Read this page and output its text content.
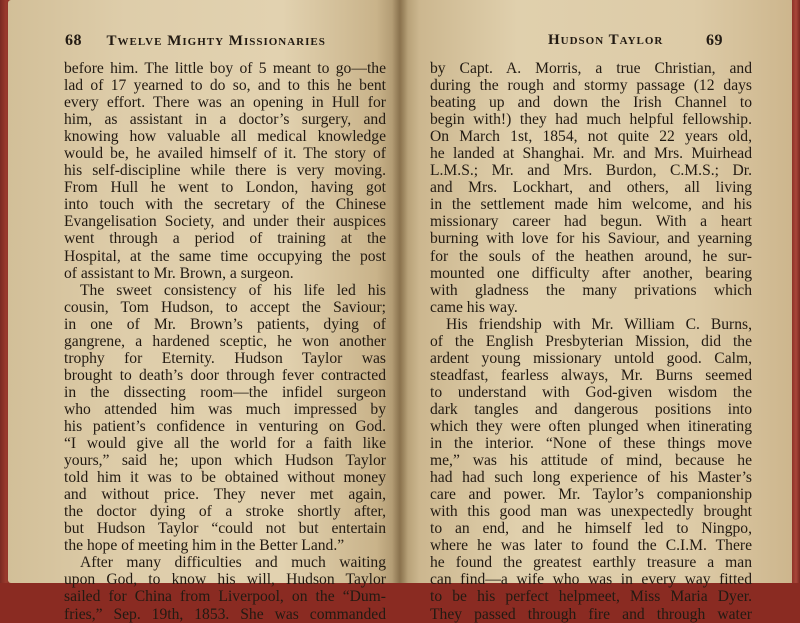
68 Twelve Mighty Missionaries
before him. The little boy of 5 meant to go—the
lad of 17 yearned to do so, and to this he bent
every effort. There was an opening in Hull for
him, as assistant in a doctor’s surgery, and
knowing how valuable all medical knowledge
would be, he availed himself of it. The story of
his self-discipline while there is very moving.
From Hull he went to London, having got
into touch with the secretary of the Chinese
Evangelisation Society, and under their auspices
went through a period of training at the
Hospital, at the same time occupying the post
of assistant to Mr. Brown, a surgeon.
The sweet consistency of his life led his
cousin, Tom Hudson, to accept the Saviour;
in one of Mr. Brown’s patients, dying of
gangrene, a hardened sceptic, he won another
trophy for Eternity. Hudson Taylor was
brought to death’s door through fever contracted
in the dissecting room—the infidel surgeon
who attended him was much impressed by
his patient’s confidence in venturing on God.
“I would give all the world for a faith like
yours,” said he; upon which Hudson Taylor
told him it was to be obtained without money
and without price. They never met again,
the doctor dying of a stroke shortly after,
but Hudson Taylor “could not but entertain
the hope of meeting him in the Better Land.”
After many difficulties and much waiting
upon God, to know his will, Hudson Taylor
sailed for China from Liverpool, on the “Dum-
fries,” Sep. 19th, 1853. She was commanded
Hudson Taylor	69
by Capt. A. Morris, a true Christian, and
during the rough and stormy passage (12 days
beating up and down the Irish Channel to
begin with!) they had much helpful fellowship.
On March 1st, 1854, not quite 22 years old,
he landed at Shanghai. Mr. and Mrs. Muirhead
L.M.S.; Mr. and Mrs. Burdon, C.M.S.; Dr.
and Mrs. Lockhart, and others, all living
in the settlement made him welcome, and his
missionary career had begun. With a heart
burning with love for his Saviour, and yearning
for the souls of the heathen around, he sur-
mounted one difficulty after another, bearing
with gladness the many privations which
came his way.
His friendship with Mr. William C. Burns,
of the English Presbyterian Mission, did the
ardent young missionary untold good. Calm,
steadfast, fearless always, Mr. Burns seemed
to understand with God-given wisdom the
dark tangles and dangerous positions into
which they were often plunged when itinerating
in the interior. “None of these things move
me,” was his attitude of mind, because he
had had such long experience of his Master’s
care and power. Mr. Taylor’s companionship
with this good man was unexpectedly brought
to an end, and he himself led to Ningpo,
where he was later to found the C.I.M. There
he found the greatest earthly treasure a man
can find—a wife who was in every way fitted
to be his perfect helpmeet, Miss Maria Dyer.
They passed through fire and through water
